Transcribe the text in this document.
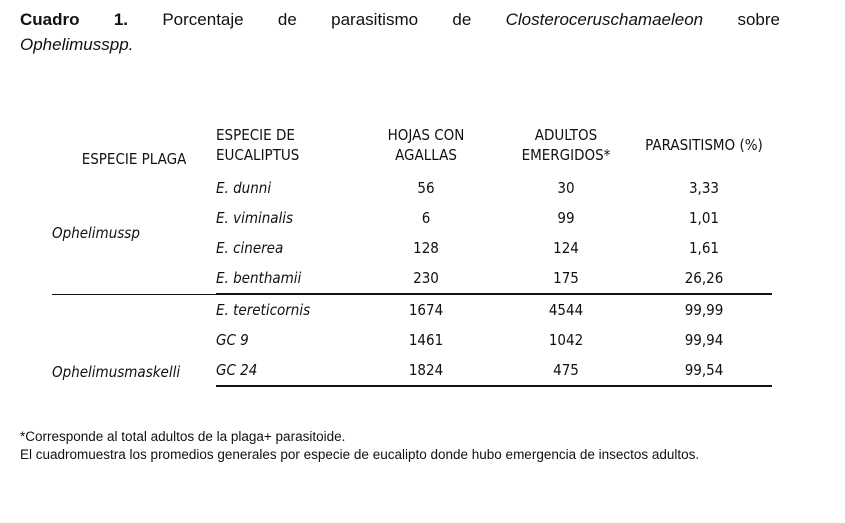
Cuadro 1. Porcentaje de parasitismo de Closteroceruschamaeleon sobre
Ophelimusspp.
ESPECIE PLAGA	ESPECIE DE EUCALIPTUS	HOJAS CON AGALLAS	ADULTOS EMERGIDOS*	PARASITISMO (%)
Ophelimussp	E. dunni	56	30	3,33
	E. viminalis	6	99	1,01
	E. cinerea	128	124	1,61
	E. benthamii	230	175	26,26
Ophelimusmaskelli	E. tereticornis	1674	4544	99,99
	GC 9	1461	1042	99,94
	GC 24	1824	475	99,54

*Corresponde al total adultos de la plaga+ parasitoide.

El cuadromuestra los promedios generales por especie de eucalipto donde hubo emergencia de insectos adultos.
